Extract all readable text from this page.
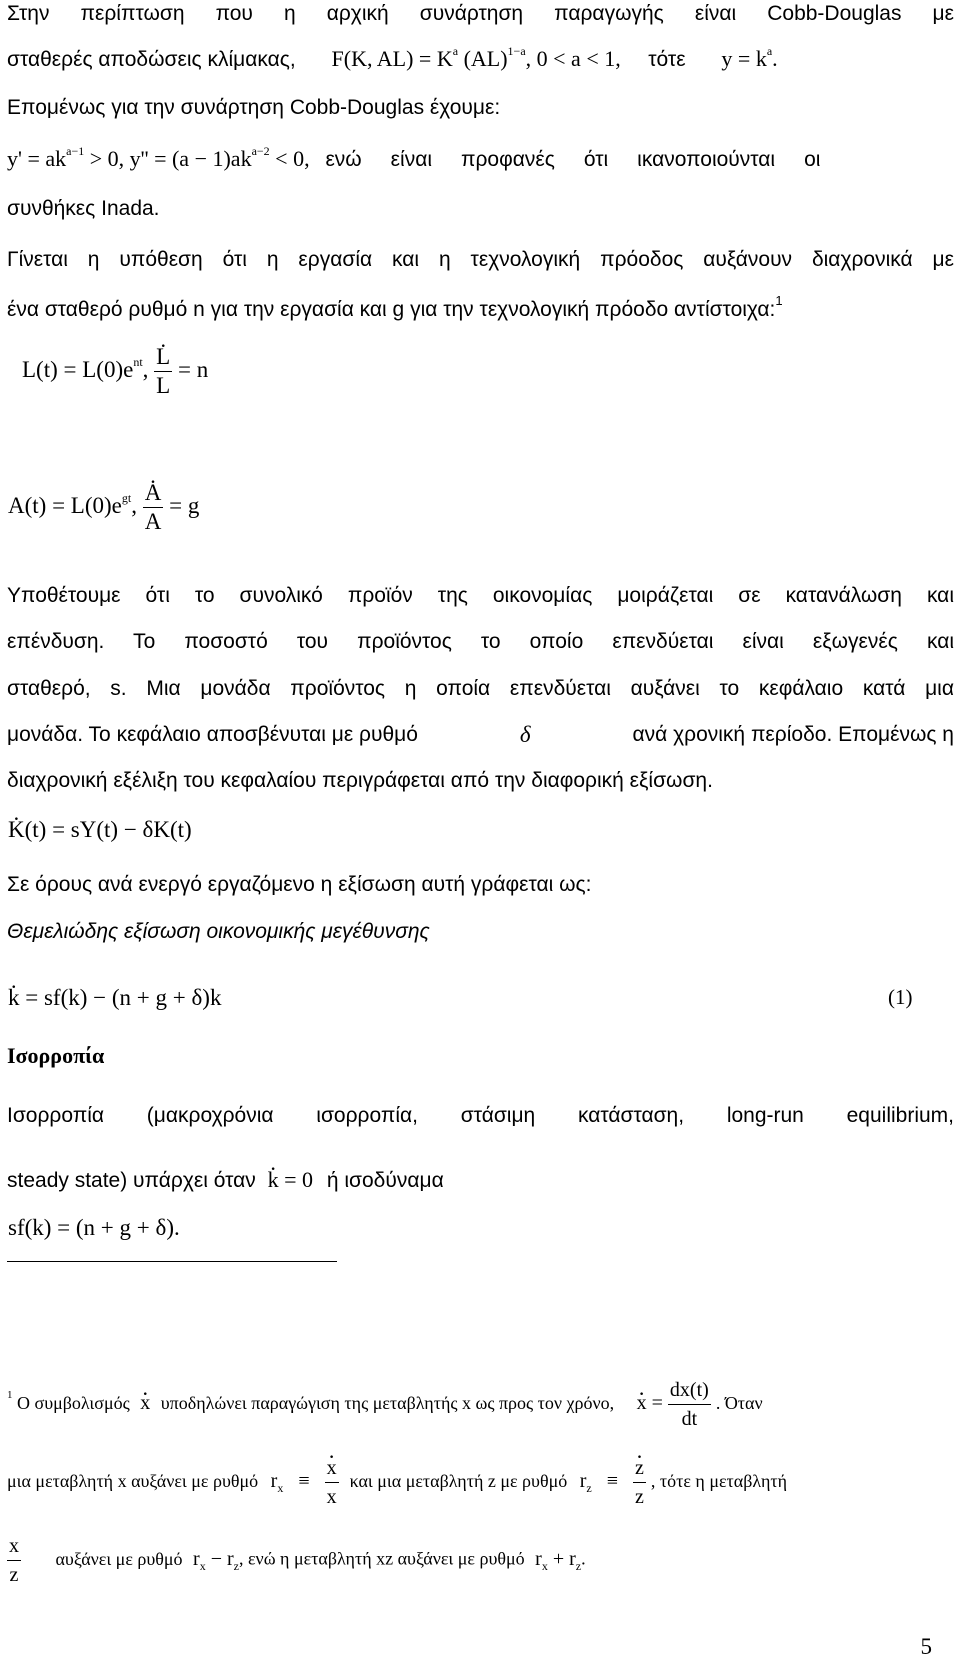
Στην περίπτωση που η αρχική συνάρτηση παραγωγής είναι Cobb-Douglas με
σταθερές αποδώσεις κλίμακας, F(K, $AL) = K^a$ (AL)$^{1-a}$, 0 < a < 1, τότε $y = k^a$.
Επομένως για την συνάρτηση Cobb-Douglas έχουμε:
$y' = ak^{a-1} > 0$, $y'' = (a - 1)ak^{a-2} < 0$, ενώ είναι προφανές ότι ικανοποιούνται οι
συνθήκες Inada.
Γίνεται η υπόθεση ότι η εργασία και η τεχνολογική πρόοδος αυξάνουν διαχρονικά με
ένα σταθερό ρυθμό n για την εργασία και g για την τεχνολογική πρόοδο αντίστοιχα:$^1$
$L(t) = L(0)e^{nt}$, . $\frac{L}{L} = n$
$A(t) = L(0)e^{gt}$, . $\frac{A}{A} = g$
Υποθέτουμε ότι το συνολικό προϊόν της οικονομίας μοιράζεται σε κατανάλωση και
επένδυση. Το ποσοστό του προϊόντος το οποίο επενδύεται είναι εξωγενές και
σταθερό, s. Μια μονάδα προϊόντος η οποία επενδύεται αυξάνει το κεφάλαιο κατά μια
μονάδα. Το κεφάλαιο αποσβένυται με ρυθμό	δ	ανά χρονική περίοδο. Επομένως η
διαχρονική εξέλιξη του κεφαλαίου περιγράφεται από την διαφορική εξίσωση.
. K(t) = sY(t) − δK(t)
Σε όρους ανά ενεργό εργαζόμενο η εξίσωση αυτή γράφεται ως:
Θεμελιώδης εξίσωση οικονομικής μεγέθυνσης
. k = sf(k) − (n + g + δ)k	(1)
Ισορροπία
Ισορροπία (μακροχρόνια ισορροπία, στάσιμη κατάσταση, long-run equilibrium,
steady state) υπάρχει όταν . k = 0 ή ισοδύναμα
sf(k) = (n + g + δ).
$^1$ Ο συμβολισμός . x υποδηλώνει παραγώγιση της μεταβλητής x ως προς τον χρόνο, . $x = \frac{dx(t)}{dt}$ . Όταν
μια μεταβλητή x αυξάνει με ρυθμό $r_x$ ≡ . $\frac{x}{x}$ και μια μεταβλητή z με ρυθμό $r_z$ ≡ . $\frac{z}{z}$ , τότε η μεταβλητή
$\frac{x}{z}$ αυξάνει με ρυθμό $r_x - r_z$, ενώ η μεταβλητή xz αυξάνει με ρυθμό $r_x + r_z$.
5
